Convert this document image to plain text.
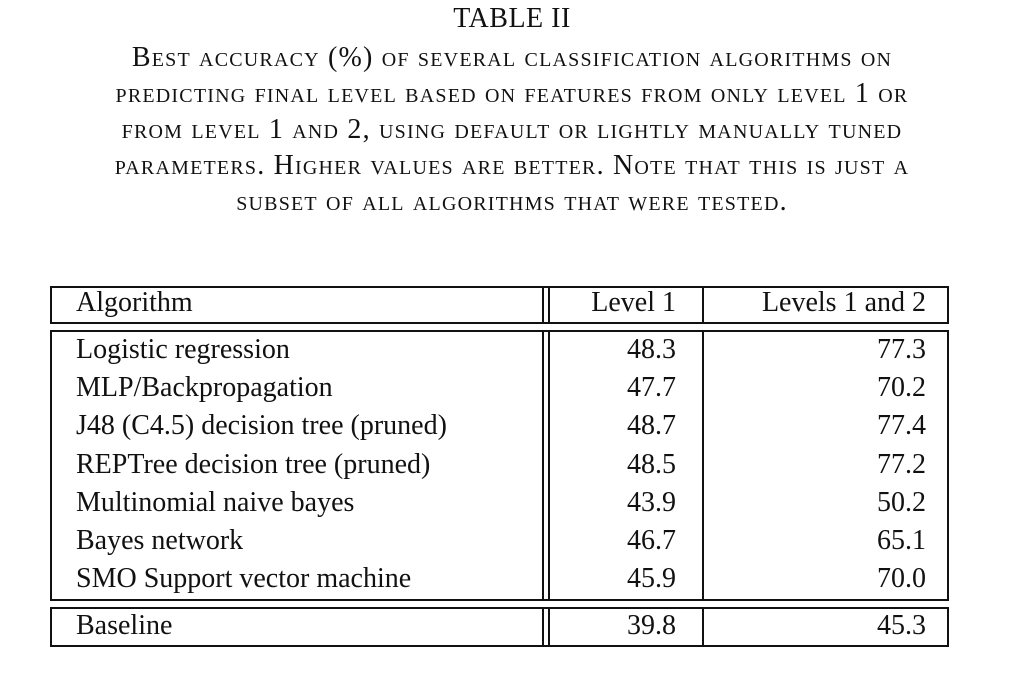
TABLE II
Best accuracy (%) of several classification algorithms on
predicting final level based on features from only level 1 or
from level 1 and 2, using default or lightly manually tuned
parameters. Higher values are better. Note that this is just a
subset of all algorithms that were tested.
Algorithm	Level 1	Levels 1 and 2
Logistic regression	48.3	77.3
MLP/Backpropagation	47.7	70.2
J48 (C4.5) decision tree (pruned)	48.7	77.4
REPTree decision tree (pruned)	48.5	77.2
Multinomial naive bayes	43.9	50.2
Bayes network	46.7	65.1
SMO Support vector machine	45.9	70.0
Baseline	39.8	45.3
